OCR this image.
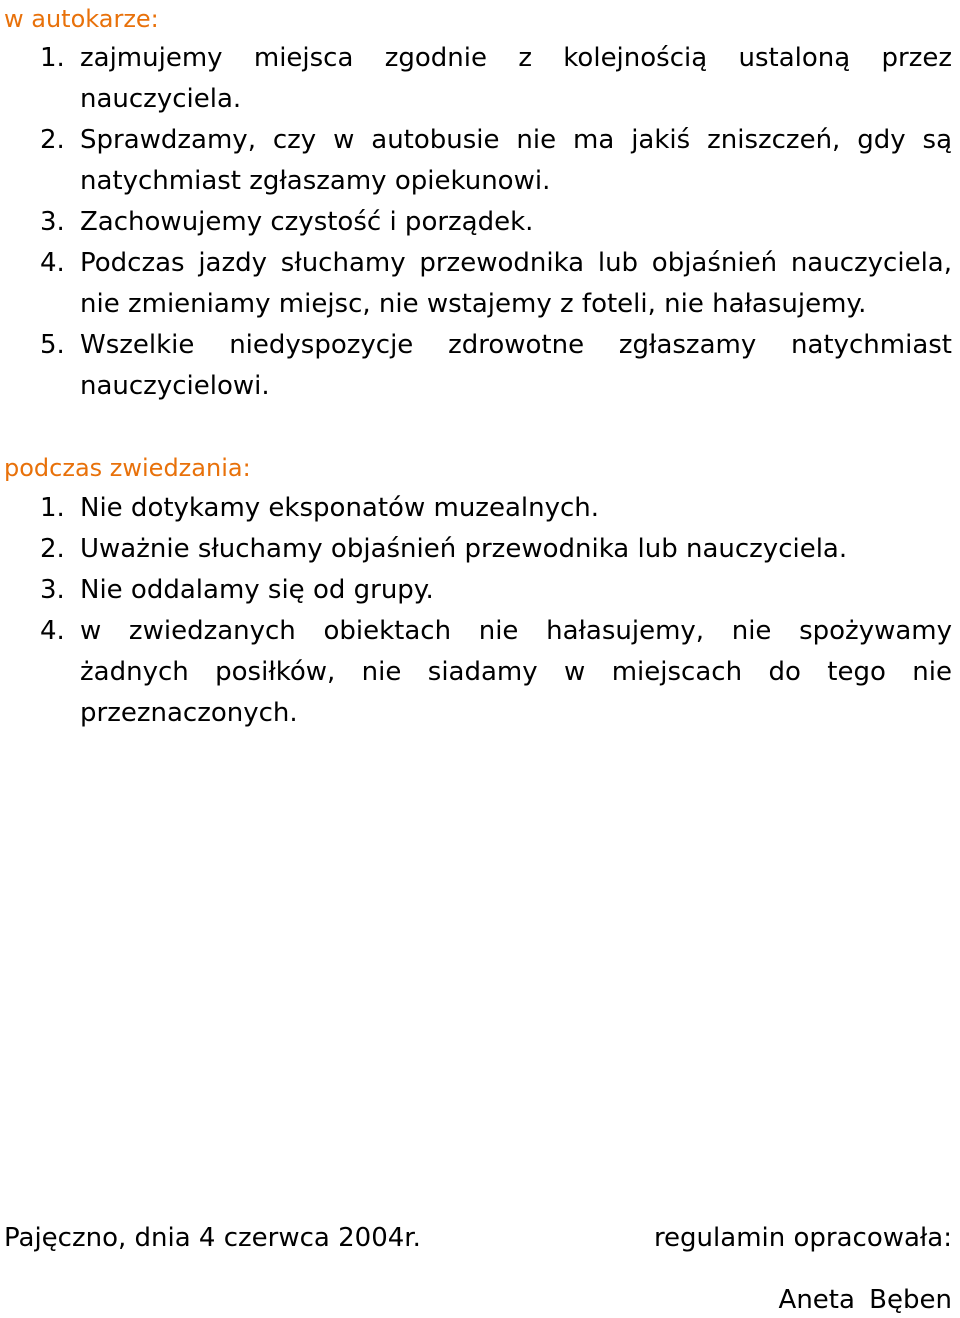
w autokarze:
1. zajmujemy miejsca zgodnie z kolejnością ustaloną przez nauczyciela.
2. Sprawdzamy, czy w autobusie nie ma jakiś zniszczeń, gdy są natychmiast zgłaszamy opiekunowi.
3. Zachowujemy czystość i porządek.
4. Podczas jazdy słuchamy przewodnika lub objaśnień nauczyciela, nie zmieniamy miejsc, nie wstajemy z foteli, nie hałasujemy.
5. Wszelkie niedyspozycje zdrowotne zgłaszamy natychmiast nauczycielowi.
podczas zwiedzania:
1. Nie dotykamy eksponatów muzealnych.
2. Uważnie słuchamy objaśnień przewodnika lub nauczyciela.
3. Nie oddalamy się od grupy.
4. w zwiedzanych obiektach nie hałasujemy, nie spożywamy żadnych posiłków, nie siadamy w miejscach do tego nie przeznaczonych.
Pajęczno, dnia 4 czerwca 2004r.	regulamin opracowała:
Aneta Bęben
